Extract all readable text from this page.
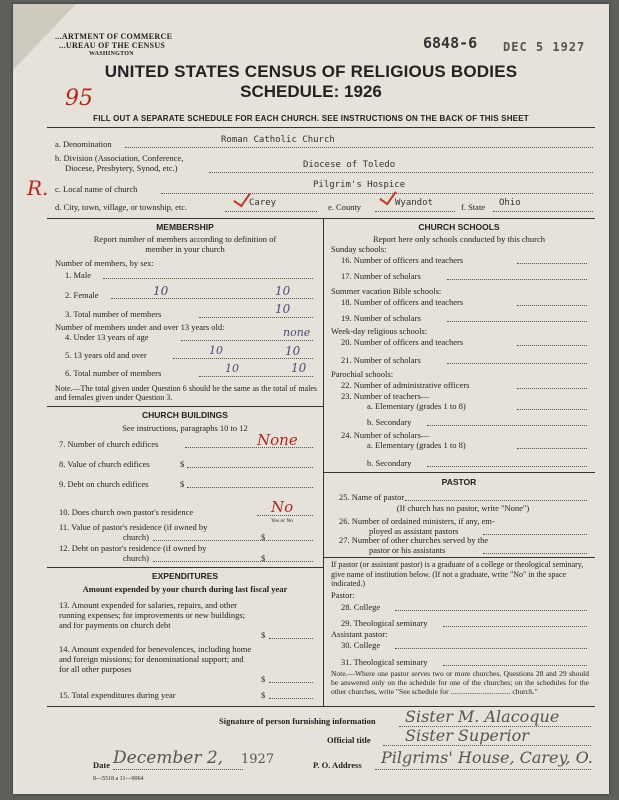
...ARTMENT OF COMMERCE
...UREAU OF THE CENSUS
WASHINGTON
6848-6 DEC 5 1927
95
R.
UNITED STATES CENSUS OF RELIGIOUS BODIES
SCHEDULE: 1926
FILL OUT A SEPARATE SCHEDULE FOR EACH CHURCH. SEE INSTRUCTIONS ON THE BACK OF THIS SHEET
a. Denomination	Roman Catholic Church
b. Division (Association, Conference,
Diocese, Presbytery, Synod, etc.)	Diocese of Toledo
c. Local name of church	Pilgrim's Hospice
d. City, town, village, or township, etc.	Carey	e. County	Wyandot	f. State Ohio
MEMBERSHIP
Report number of members according to definition of
member in your church
Number of members, by sex:
1. Male
2. Female	10	10
3. Total number of members	10
Number of members under and over 13 years old:
4. Under 13 years of age	none
5. 13 years old and over	10	10
6. Total number of members	10	10
Note.—The total given under Question 6 should be the same as the total of males and females given under Question 3.
CHURCH BUILDINGS
See instructions, paragraphs 10 to 12
7. Number of church edifices	None
8. Value of church edifices	$
9. Debt on church edifices	$
10. Does church own pastor's residence	No
Yes or No
11. Value of pastor's residence (if owned by
church)	$
12. Debt on pastor's residence (if owned by
church)	$
EXPENDITURES
Amount expended by your church during last fiscal year
13. Amount expended for salaries, repairs, and other running expenses; for improvements or new buildings; and for payments on church debt
$
14. Amount expended for benevolences, including home and foreign missions; for denominational support; and for all other purposes
$
15. Total expenditures during year	$
CHURCH SCHOOLS
Report here only schools conducted by this church
Sunday schools:
16. Number of officers and teachers
17. Number of scholars
Summer vacation Bible schools:
18. Number of officers and teachers
19. Number of scholars
Week-day religious schools:
20. Number of officers and teachers
21. Number of scholars
Parochial schools:
22. Number of administrative officers
23. Number of teachers—
a. Elementary (grades 1 to 8)
b. Secondary
24. Number of scholars—
a. Elementary (grades 1 to 8)
b. Secondary
PASTOR
25. Name of pastor
(If church has no pastor, write "None")
26. Number of ordained ministers, if any, em-
ployed as assistant pastors
27. Number of other churches served by the
pastor or his assistants
If pastor (or assistant pastor) is a graduate of a college or theological seminary, give name of institution below. (If not a graduate, write "No" in the space indicated.)
Pastor:
28. College
29. Theological seminary
Assistant pastor:
30. College
31. Theological seminary
Note.—Where one pastor serves two or more churches, Questions 28 and 29 should be answered only on the schedule for one of the churches; on the schedules for the other churches, write "See schedule for ................................ church."
Signature of person furnishing information Sister M. Alacoque
Official title Sister Superior
Date December 2, 1927
8—5518 a 11—9064
P. O. Address Pilgrims' House, Carey, O.
